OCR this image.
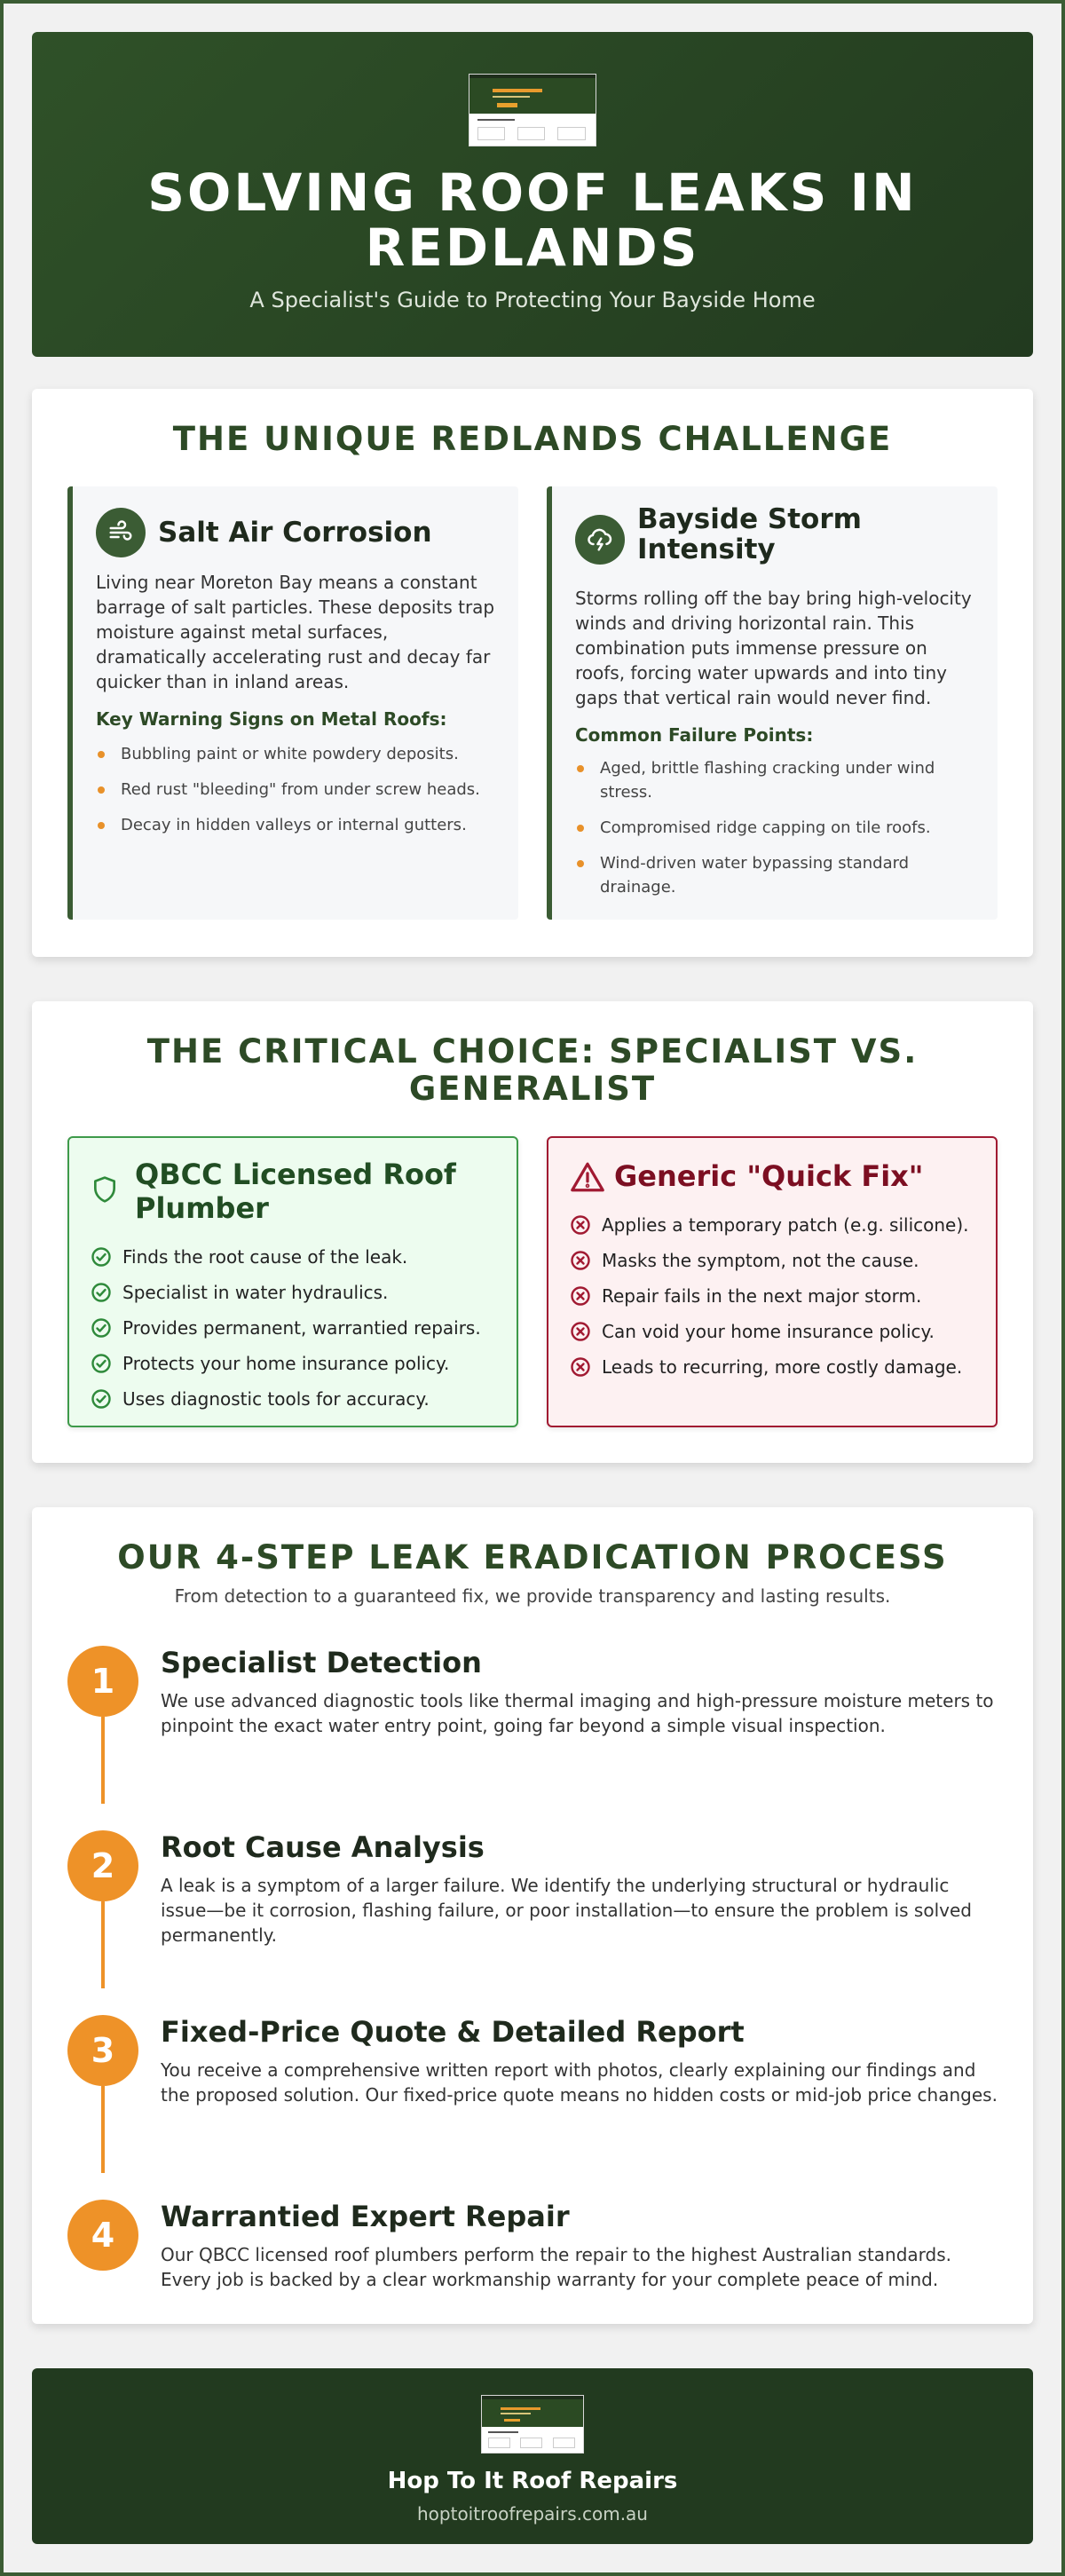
SOLVING ROOF LEAKS IN REDLANDS
A Specialist's Guide to Protecting Your Bayside Home
THE UNIQUE REDLANDS CHALLENGE
Salt Air Corrosion
Living near Moreton Bay means a constant barrage of salt particles. These deposits trap moisture against metal surfaces, dramatically accelerating rust and decay far quicker than in inland areas.
Key Warning Signs on Metal Roofs:
Bubbling paint or white powdery deposits.
Red rust "bleeding" from under screw heads.
Decay in hidden valleys or internal gutters.
Bayside Storm Intensity
Storms rolling off the bay bring high-velocity winds and driving horizontal rain. This combination puts immense pressure on roofs, forcing water upwards and into tiny gaps that vertical rain would never find.
Common Failure Points:
Aged, brittle flashing cracking under wind stress.
Compromised ridge capping on tile roofs.
Wind-driven water bypassing standard drainage.
THE CRITICAL CHOICE: SPECIALIST VS. GENERALIST
QBCC Licensed Roof Plumber
Finds the root cause of the leak.
Specialist in water hydraulics.
Provides permanent, warrantied repairs.
Protects your home insurance policy.
Uses diagnostic tools for accuracy.
Generic "Quick Fix"
Applies a temporary patch (e.g. silicone).
Masks the symptom, not the cause.
Repair fails in the next major storm.
Can void your home insurance policy.
Leads to recurring, more costly damage.
OUR 4-STEP LEAK ERADICATION PROCESS
From detection to a guaranteed fix, we provide transparency and lasting results.
1	Specialist Detection

We use advanced diagnostic tools like thermal imaging and high-pressure moisture meters to pinpoint the exact water entry point, going far beyond a simple visual inspection.

2	Root Cause Analysis

A leak is a symptom of a larger failure. We identify the underlying structural or hydraulic issue—be it corrosion, flashing failure, or poor installation—to ensure the problem is solved permanently.

3	Fixed-Price Quote & Detailed Report

You receive a comprehensive written report with photos, clearly explaining our findings and the proposed solution. Our fixed-price quote means no hidden costs or mid-job price changes.

4	Warrantied Expert Repair

Our QBCC licensed roof plumbers perform the repair to the highest Australian standards. Every job is backed by a clear workmanship warranty for your complete peace of mind.

Hop To It Roof Repairs
hoptoitroofrepairs.com.au
